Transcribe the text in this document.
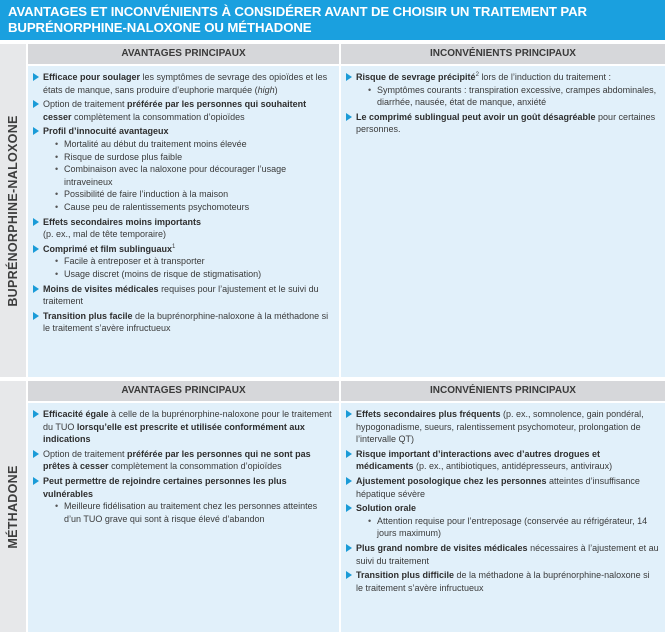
AVANTAGES ET INCONVÉNIENTS À CONSIDÉRER AVANT DE CHOISIR UN TRAITEMENT PAR
BUPRÉNORPHINE-NALOXONE OU MÉTHADONE
BUPRÉNORPHINE-NALOXONE
AVANTAGES PRINCIPAUX
Efficace pour soulager les symptômes de sevrage des opioïdes et les états de manque, sans produire d’euphorie marquée (high)
Option de traitement préférée par les personnes qui souhaitent cesser complètement la consommation d’opioïdes
Profil d’innocuité avantageux
• Mortalité au début du traitement moins élevée
• Risque de surdose plus faible
• Combinaison avec la naloxone pour décourager l’usage intraveineux
• Possibilité de faire l’induction à la maison
• Cause peu de ralentissements psychomoteurs
Effets secondaires moins importants
(p. ex., mal de tête temporaire)
Comprimé et film sublinguaux$^1$
• Facile à entreposer et à transporter
• Usage discret (moins de risque de stigmatisation)
Moins de visites médicales requises pour l’ajustement et le suivi du traitement
Transition plus facile de la buprénorphine-naloxone à la méthadone si le traitement s’avère infructueux
INCONVÉNIENTS PRINCIPAUX
Risque de sevrage précipité$^2$ lors de l’induction du traitement :
• Symptômes courants : transpiration excessive, crampes abdominales, diarrhée, nausée, état de manque, anxiété
Le comprimé sublingual peut avoir un goût désagréable pour certaines personnes.
MÉTHADONE
AVANTAGES PRINCIPAUX
Efficacité égale à celle de la buprénorphine-naloxone pour le traitement du TUO lorsqu’elle est prescrite et utilisée conformément aux indications
Option de traitement préférée par les personnes qui ne sont pas prêtes à cesser complètement la consommation d’opioïdes
Peut permettre de rejoindre certaines personnes les plus vulnérables
• Meilleure fidélisation au traitement chez les personnes atteintes d’un TUO grave qui sont à risque élevé d’abandon
INCONVÉNIENTS PRINCIPAUX
Effets secondaires plus fréquents (p. ex., somnolence, gain pondéral, hypogonadisme, sueurs, ralentissement psychomoteur, prolongation de l’intervalle QT)
Risque important d’interactions avec d’autres drogues et médicaments (p. ex., antibiotiques, antidépresseurs, antiviraux)
Ajustement posologique chez les personnes atteintes d’insuffisance hépatique sévère
Solution orale
• Attention requise pour l’entreposage (conservée au réfrigérateur, 14 jours maximum)
Plus grand nombre de visites médicales nécessaires à l’ajustement et au suivi du traitement
Transition plus difficile de la méthadone à la buprénorphine-naloxone si le traitement s’avère infructueux
